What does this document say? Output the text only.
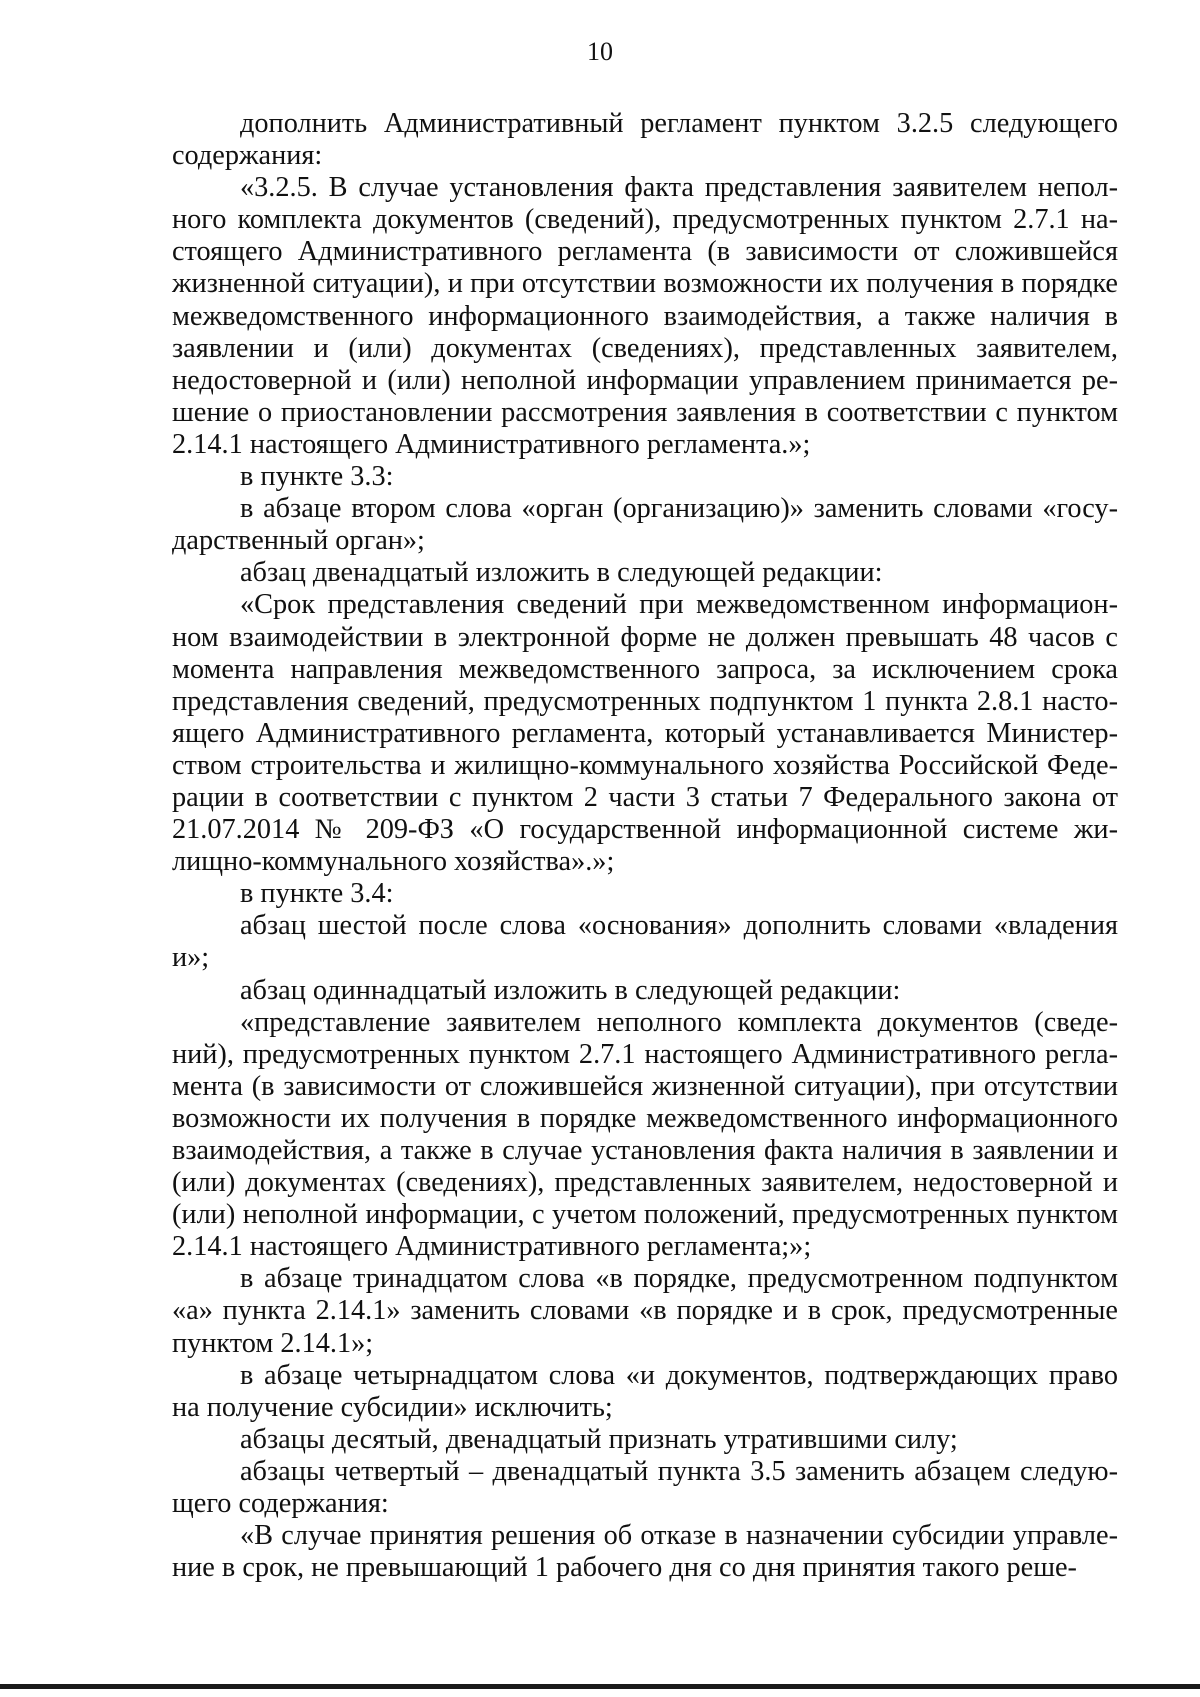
10

дополнить Административный регламент пунктом 3.2.5 следующего содержания:

«3.2.5. В случае установления факта представления заявителем неполного комплекта документов (сведений), предусмотренных пунктом 2.7.1 настоящего Административного регламента (в зависимости от сложившейся жизненной ситуации), и при отсутствии возможности их получения в порядке межведомственного информационного взаимодействия, а также наличия в заявлении и (или) документах (сведениях), представленных заявителем, недостоверной и (или) неполной информации управлением принимается решение о приостановлении рассмотрения заявления в соответствии с пунктом 2.14.1 настоящего Административного регламента.»;

в пункте 3.3:

в абзаце втором слова «орган (организацию)» заменить словами «государственный орган»;

абзац двенадцатый изложить в следующей редакции:

«Срок представления сведений при межведомственном информационном взаимодействии в электронной форме не должен превышать 48 часов с момента направления межведомственного запроса, за исключением срока представления сведений, предусмотренных подпунктом 1 пункта 2.8.1 настоящего Административного регламента, который устанавливается Министерством строительства и жилищно-коммунального хозяйства Российской Федерации в соответствии с пунктом 2 части 3 статьи 7 Федерального закона от 21.07.2014 № 209-ФЗ «О государственной информационной системе жилищно-коммунального хозяйства».»;

в пункте 3.4:

абзац шестой после слова «основания» дополнить словами «владения и»;

абзац одиннадцатый изложить в следующей редакции:

«представление заявителем неполного комплекта документов (сведений), предусмотренных пунктом 2.7.1 настоящего Административного регламента (в зависимости от сложившейся жизненной ситуации), при отсутствии возможности их получения в порядке межведомственного информационного взаимодействия, а также в случае установления факта наличия в заявлении и (или) документах (сведениях), представленных заявителем, недостоверной и (или) неполной информации, с учетом положений, предусмотренных пунктом 2.14.1 настоящего Административного регламента;»;

в абзаце тринадцатом слова «в порядке, предусмотренном подпунктом «а» пункта 2.14.1» заменить словами «в порядке и в срок, предусмотренные пунктом 2.14.1»;

в абзаце четырнадцатом слова «и документов, подтверждающих право на получение субсидии» исключить;

абзацы десятый, двенадцатый признать утратившими силу;

абзацы четвертый – двенадцатый пункта 3.5 заменить абзацем следующего содержания:

«В случае принятия решения об отказе в назначении субсидии управление в срок, не превышающий 1 рабочего дня со дня принятия такого реше-
